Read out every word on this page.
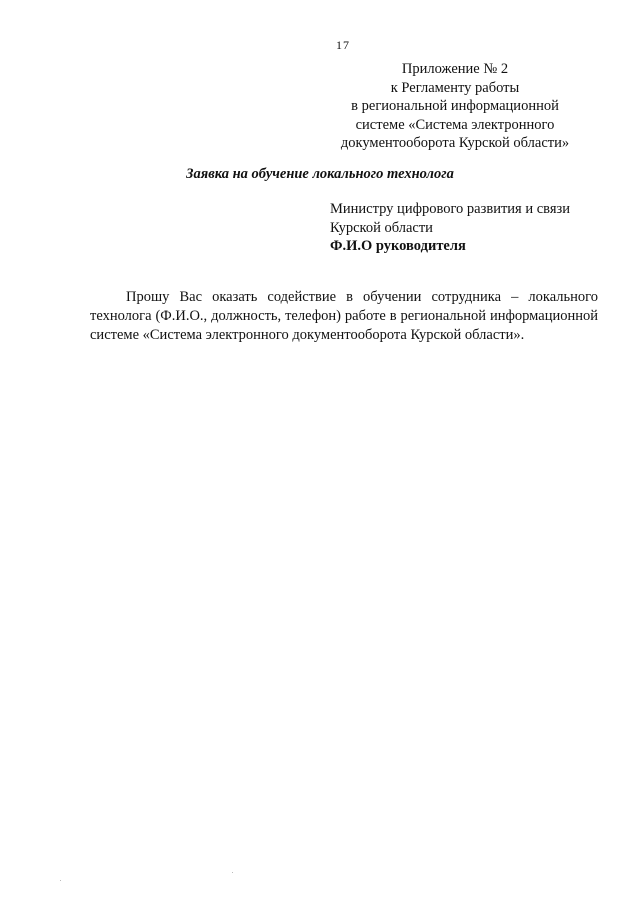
17
Приложение № 2
к Регламенту работы
в региональной информационной
системе «Система электронного
документооборота Курской области»
Заявка на обучение локального технолога
Министру цифрового развития и связи
Курской области
Ф.И.О руководителя
Прошу Вас оказать содействие в обучении сотрудника – локального технолога (Ф.И.О., должность, телефон) работе в региональной информационной системе «Система электронного документооборота Курской области».
